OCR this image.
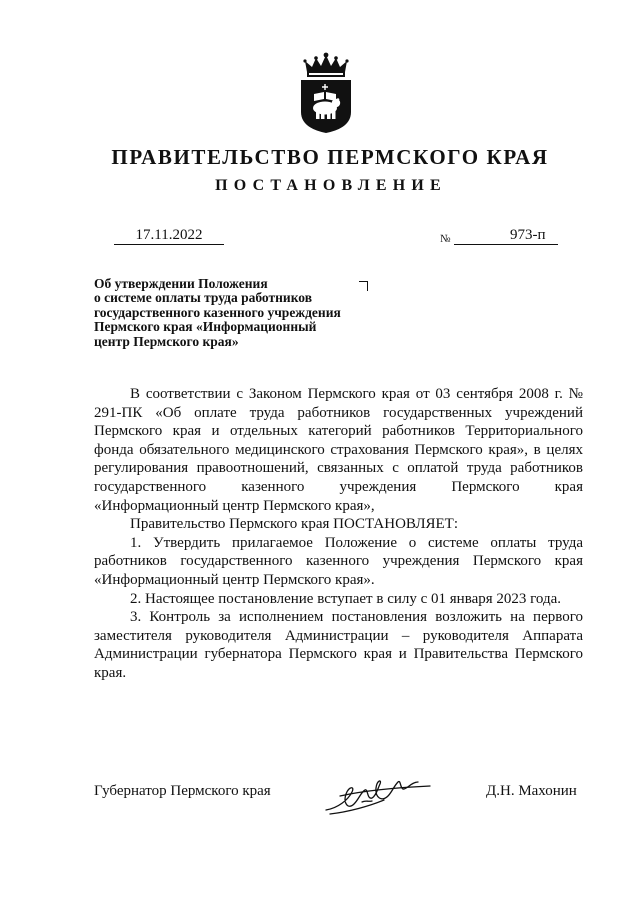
ПРАВИТЕЛЬСТВО ПЕРМСКОГО КРАЯ
ПОСТАНОВЛЕНИЕ
17.11.2022	№	973-п
Об утверждении Положения
о системе оплаты труда работников
государственного казенного учреждения
Пермского края «Информационный
центр Пермского края»

В соответствии с Законом Пермского края от 03 сентября 2008 г. № 291-ПК «Об оплате труда работников государственных учреждений Пермского края и отдельных категорий работников Территориального фонда обязательного медицинского страхования Пермского края», в целях регулирования правоотношений, связанных с оплатой труда работников государственного казенного учреждения Пермского края «Информационный центр Пермского края»,

Правительство Пермского края ПОСТАНОВЛЯЕТ:

1. Утвердить прилагаемое Положение о системе оплаты труда работников государственного казенного учреждения Пермского края «Информационный центр Пермского края».

2. Настоящее постановление вступает в силу с 01 января 2023 года.

3. Контроль за исполнением постановления возложить на первого заместителя руководителя Администрации – руководителя Аппарата Администрации губернатора Пермского края и Правительства Пермского края.

Губернатор Пермского края	Д.Н. Махонин
